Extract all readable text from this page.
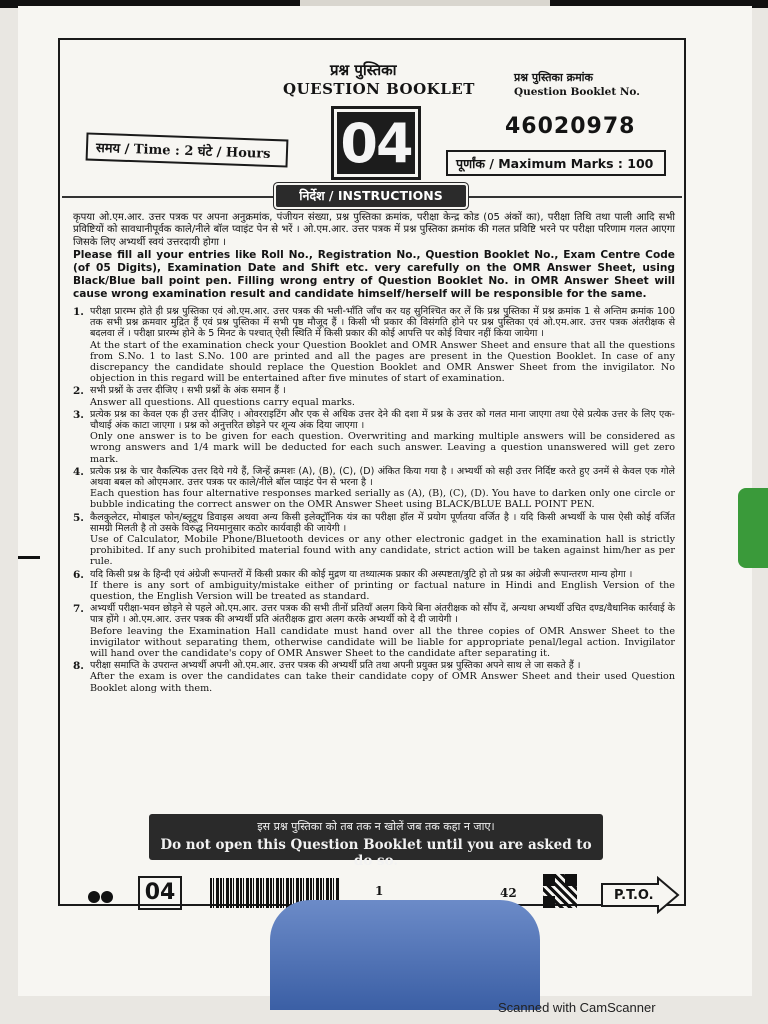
प्रश्न पुस्तिका
QUESTION BOOKLET
प्रश्न पुस्तिका क्रमांक
Question Booklet No.
46020978
04
समय / Time : 2 घंटे / Hours
पूर्णांक / Maximum Marks : 100
निर्देश / INSTRUCTIONS

कृपया ओ.एम.आर. उत्तर पत्रक पर अपना अनुक्रमांक, पंजीयन संख्या, प्रश्न पुस्तिका क्रमांक, परीक्षा केन्द्र कोड (05 अंकों का), परीक्षा तिथि तथा पाली आदि सभी प्रविष्टियों को सावधानीपूर्वक काले/नीले बॉल प्वाइंट पेन से भरें । ओ.एम.आर. उत्तर पत्रक में प्रश्न पुस्तिका क्रमांक की गलत प्रविष्टि भरने पर परीक्षा परिणाम गलत आएगा जिसके लिए अभ्यर्थी स्वयं उत्तरदायी होगा ।

Please fill all your entries like Roll No., Registration No., Question Booklet No., Exam Centre Code (of 05 Digits), Examination Date and Shift etc. very carefully on the OMR Answer Sheet, using Black/Blue ball point pen. Filling wrong entry of Question Booklet No. in OMR Answer Sheet will cause wrong examination result and candidate himself/herself will be responsible for the same.

1. परीक्षा प्रारम्भ होते ही प्रश्न पुस्तिका एवं ओ.एम.आर. उत्तर पत्रक की भली-भाँति जाँच कर यह सुनिश्चित कर लें कि प्रश्न पुस्तिका में प्रश्न क्रमांक 1 से अन्तिम क्रमांक 100 तक सभी प्रश्न क्रमवार मुद्रित हैं एवं प्रश्न पुस्तिका में सभी पृष्ठ मौजूद हैं । किसी भी प्रकार की विसंगति होने पर प्रश्न पुस्तिका एवं ओ.एम.आर. उत्तर पत्रक अंतरीक्षक से बदलवा लें । परीक्षा प्रारम्भ होने के 5 मिनट के पश्चात् ऐसी स्थिति में किसी प्रकार की कोई आपत्ति पर कोई विचार नहीं किया जायेगा ।

At the start of the examination check your Question Booklet and OMR Answer Sheet and ensure that all the questions from S.No. 1 to last S.No. 100 are printed and all the pages are present in the Question Booklet. In case of any discrepancy the candidate should replace the Question Booklet and OMR Answer Sheet from the invigilator. No objection in this regard will be entertained after five minutes of start of examination.

2. सभी प्रश्नों के उत्तर दीजिए । सभी प्रश्नों के अंक समान हैं ।

Answer all questions. All questions carry equal marks.

3. प्रत्येक प्रश्न का केवल एक ही उत्तर दीजिए । ओवरराइटिंग और एक से अधिक उत्तर देने की दशा में प्रश्न के उत्तर को गलत माना जाएगा तथा ऐसे प्रत्येक उत्तर के लिए एक-चौथाई अंक काटा जाएगा । प्रश्न को अनुत्तरित छोड़ने पर शून्य अंक दिया जाएगा ।

Only one answer is to be given for each question. Overwriting and marking multiple answers will be considered as wrong answers and 1/4 mark will be deducted for each such answer. Leaving a question unanswered will get zero mark.

4. प्रत्येक प्रश्न के चार वैकल्पिक उत्तर दिये गये हैं, जिन्हें क्रमशः (A), (B), (C), (D) अंकित किया गया है । अभ्यर्थी को सही उत्तर निर्दिष्ट करते हुए उनमें से केवल एक गोले अथवा बबल को ओएमआर. उत्तर पत्रक पर काले/नीले बॉल प्वाइंट पेन से भरना है ।

Each question has four alternative responses marked serially as (A), (B), (C), (D). You have to darken only one circle or bubble indicating the correct answer on the OMR Answer Sheet using BLACK/BLUE BALL POINT PEN.

5. कैलकुलेटर, मोबाइल फोन/ब्लूटूथ डिवाइस अथवा अन्य किसी इलेक्ट्रॉनिक यंत्र का परीक्षा हॉल में प्रयोग पूर्णतया वर्जित है । यदि किसी अभ्यर्थी के पास ऐसी कोई वर्जित सामग्री मिलती है तो उसके विरुद्ध नियमानुसार कठोर कार्यवाही की जायेगी ।

Use of Calculator, Mobile Phone/Bluetooth devices or any other electronic gadget in the examination hall is strictly prohibited. If any such prohibited material found with any candidate, strict action will be taken against him/her as per rule.

6. यदि किसी प्रश्न के हिन्दी एवं अंग्रेजी रूपान्तरों में किसी प्रकार की कोई मुद्रण या तथ्यात्मक प्रकार की अस्पष्टता/त्रुटि हो तो प्रश्न का अंग्रेजी रूपान्तरण मान्य होगा ।

If there is any sort of ambiguity/mistake either of printing or factual nature in Hindi and English Version of the question, the English Version will be treated as standard.

7. अभ्यर्थी परीक्षा-भवन छोड़ने से पहले ओ.एम.आर. उत्तर पत्रक की सभी तीनों प्रतियाँ अलग किये बिना अंतरीक्षक को सौंप दें, अन्यथा अभ्यर्थी उचित दण्ड/वैधानिक कार्रवाई के पात्र होंगे । ओ.एम.आर. उत्तर पत्रक की अभ्यर्थी प्रति अंतरीक्षक द्वारा अलग करके अभ्यर्थी को दे दी जायेगी ।

Before leaving the Examination Hall candidate must hand over all the three copies of OMR Answer Sheet to the invigilator without separating them, otherwise candidate will be liable for appropriate penal/legal action. Invigilator will hand over the candidate's copy of OMR Answer Sheet to the candidate after separating it.

8. परीक्षा समाप्ति के उपरान्त अभ्यर्थी अपनी ओ.एम.आर. उत्तर पत्रक की अभ्यर्थी प्रति तथा अपनी प्रयुक्त प्रश्न पुस्तिका अपने साथ ले जा सकते हैं ।

After the exam is over the candidates can take their candidate copy of OMR Answer Sheet and their used Question Booklet along with them.

इस प्रश्न पुस्तिका को तब तक न खोलें जब तक कहा न जाए।
Do not open this Question Booklet until you are asked to do so.
04	1	42	P.T.O.
Scanned with CamScanner
